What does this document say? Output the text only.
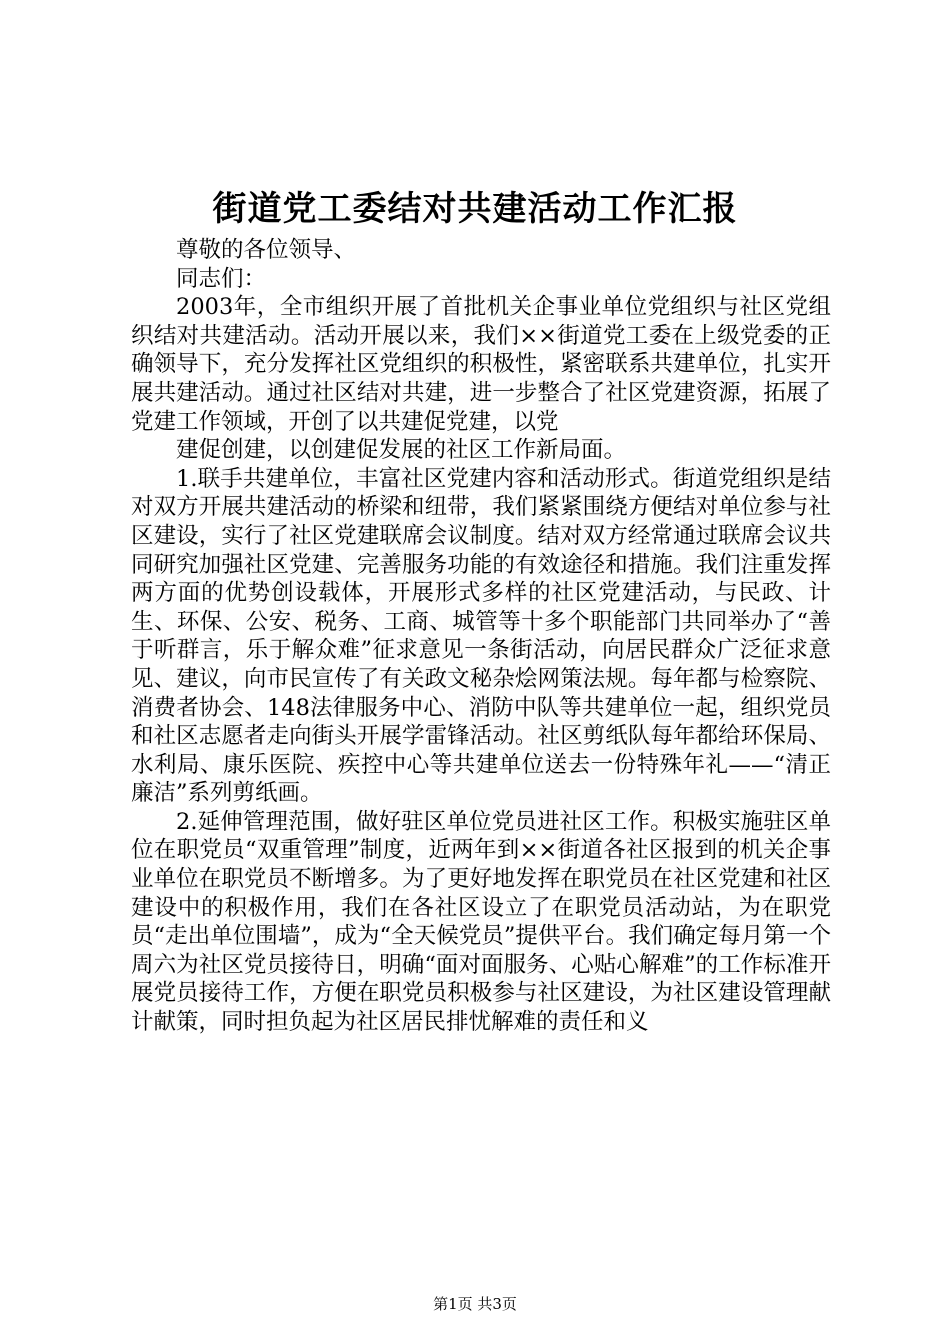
街道党工委结对共建活动工作汇报

尊敬的各位领导、

同志们：

2003年，全市组织开展了首批机关企事业单位党组织与社区党组织结对共建活动。活动开展以来，我们××街道党工委在上级党委的正确领导下，充分发挥社区党组织的积极性，紧密联系共建单位，扎实开展共建活动。通过社区结对共建，进一步整合了社区党建资源，拓展了党建工作领域，开创了以共建促党建，以党

建促创建，以创建促发展的社区工作新局面。

1.联手共建单位，丰富社区党建内容和活动形式。街道党组织是结对双方开展共建活动的桥梁和纽带，我们紧紧围绕方便结对单位参与社区建设，实行了社区党建联席会议制度。结对双方经常通过联席会议共同研究加强社区党建、完善服务功能的有效途径和措施。我们注重发挥两方面的优势创设载体，开展形式多样的社区党建活动，与民政、计生、环保、公安、税务、工商、城管等十多个职能部门共同举办了“善于听群言，乐于解众难”征求意见一条街活动，向居民群众广泛征求意见、建议，向市民宣传了有关政文秘杂烩网策法规。每年都与检察院、消费者协会、148法律服务中心、消防中队等共建单位一起，组织党员和社区志愿者走向街头开展学雷锋活动。社区剪纸队每年都给环保局、水利局、康乐医院、疾控中心等共建单位送去一份特殊年礼——“清正廉洁”系列剪纸画。

2.延伸管理范围，做好驻区单位党员进社区工作。积极实施驻区单位在职党员“双重管理”制度，近两年到××街道各社区报到的机关企事业单位在职党员不断增多。为了更好地发挥在职党员在社区党建和社区建设中的积极作用，我们在各社区设立了在职党员活动站，为在职党员“走出单位围墙”，成为“全天候党员”提供平台。我们确定每月第一个周六为社区党员接待日，明确“面对面服务、心贴心解难”的工作标准开展党员接待工作，方便在职党员积极参与社区建设，为社区建设管理献计献策，同时担负起为社区居民排忧解难的责任和义

第1页 共3页
